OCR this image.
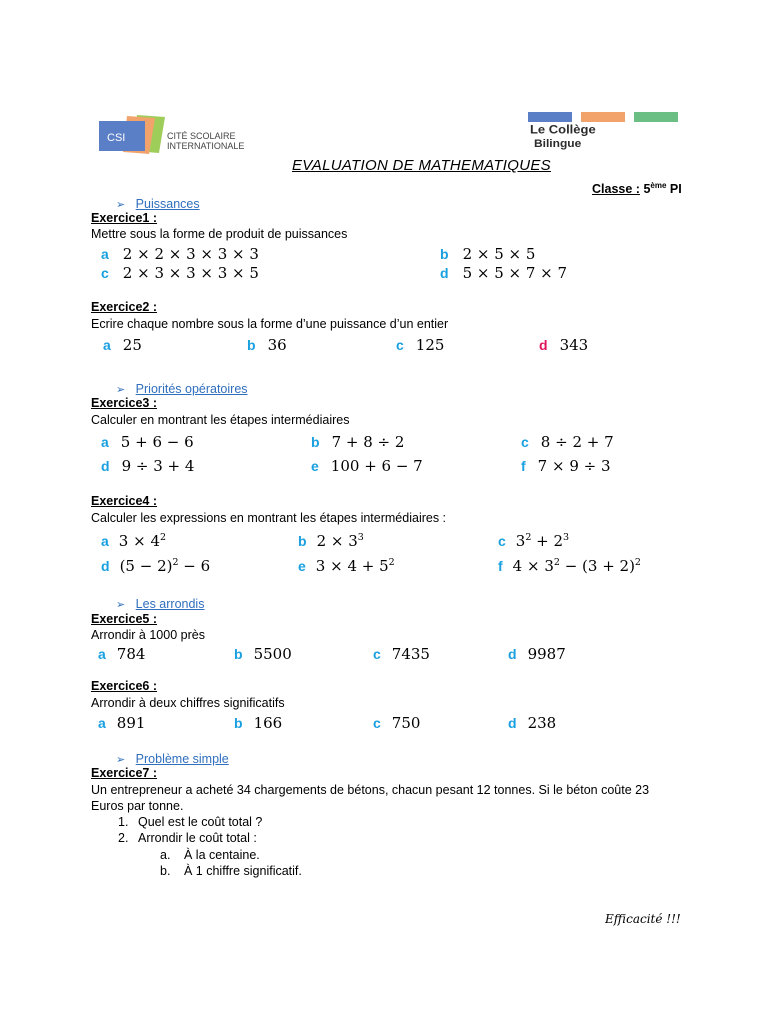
CSI	CITÉ SCOLAIRE
INTERNATIONALE
Le Collège
Bilingue
EVALUATION DE MATHEMATIQUES
Classe : 5ème PI
➢ Puissances
Exercice1 :
Mettre sous la forme de produit de puissances
a 2 × 2 × 3 × 3 × 3	b 2 × 5 × 5
c 2 × 3 × 3 × 3 × 5	d 5 × 5 × 7 × 7
Exercice2 :
Ecrire chaque nombre sous la forme d’une puissance d’un entier
a 25	b 36	c 125	d 343
➢ Priorités opératoires
Exercice3 :
Calculer en montrant les étapes intermédiaires
a 5 + 6 − 6	b 7 + 8 ÷ 2	c 8 ÷ 2 + 7
d 9 ÷ 3 + 4	e 100 + 6 − 7	f 7 × 9 ÷ 3
Exercice4 :
Calculer les expressions en montrant les étapes intermédiaires :
a $3 \times 4^2$	b $2 \times 3^3$	c $3^2 + 2^3$
d $(5 - 2)^2 - 6$	e $3 \times 4 + 5^2$	f $4 \times 3^2 - (3 + 2)^2$
➢ Les arrondis
Exercice5 :
Arrondir à 1000 près
a 784	b 5500	c 7435	d 9987
Exercice6 :
Arrondir à deux chiffres significatifs
a 891	b 166	c 750	d 238
➢ Problème simple
Exercice7 :
Un entrepreneur a acheté 34 chargements de bétons, chacun pesant 12 tonnes. Si le béton coûte 23
Euros par tonne.
1. Quel est le coût total ?
2. Arrondir le coût total :
a. À la centaine.
b. À 1 chiffre significatif.
Efficacité !!!
